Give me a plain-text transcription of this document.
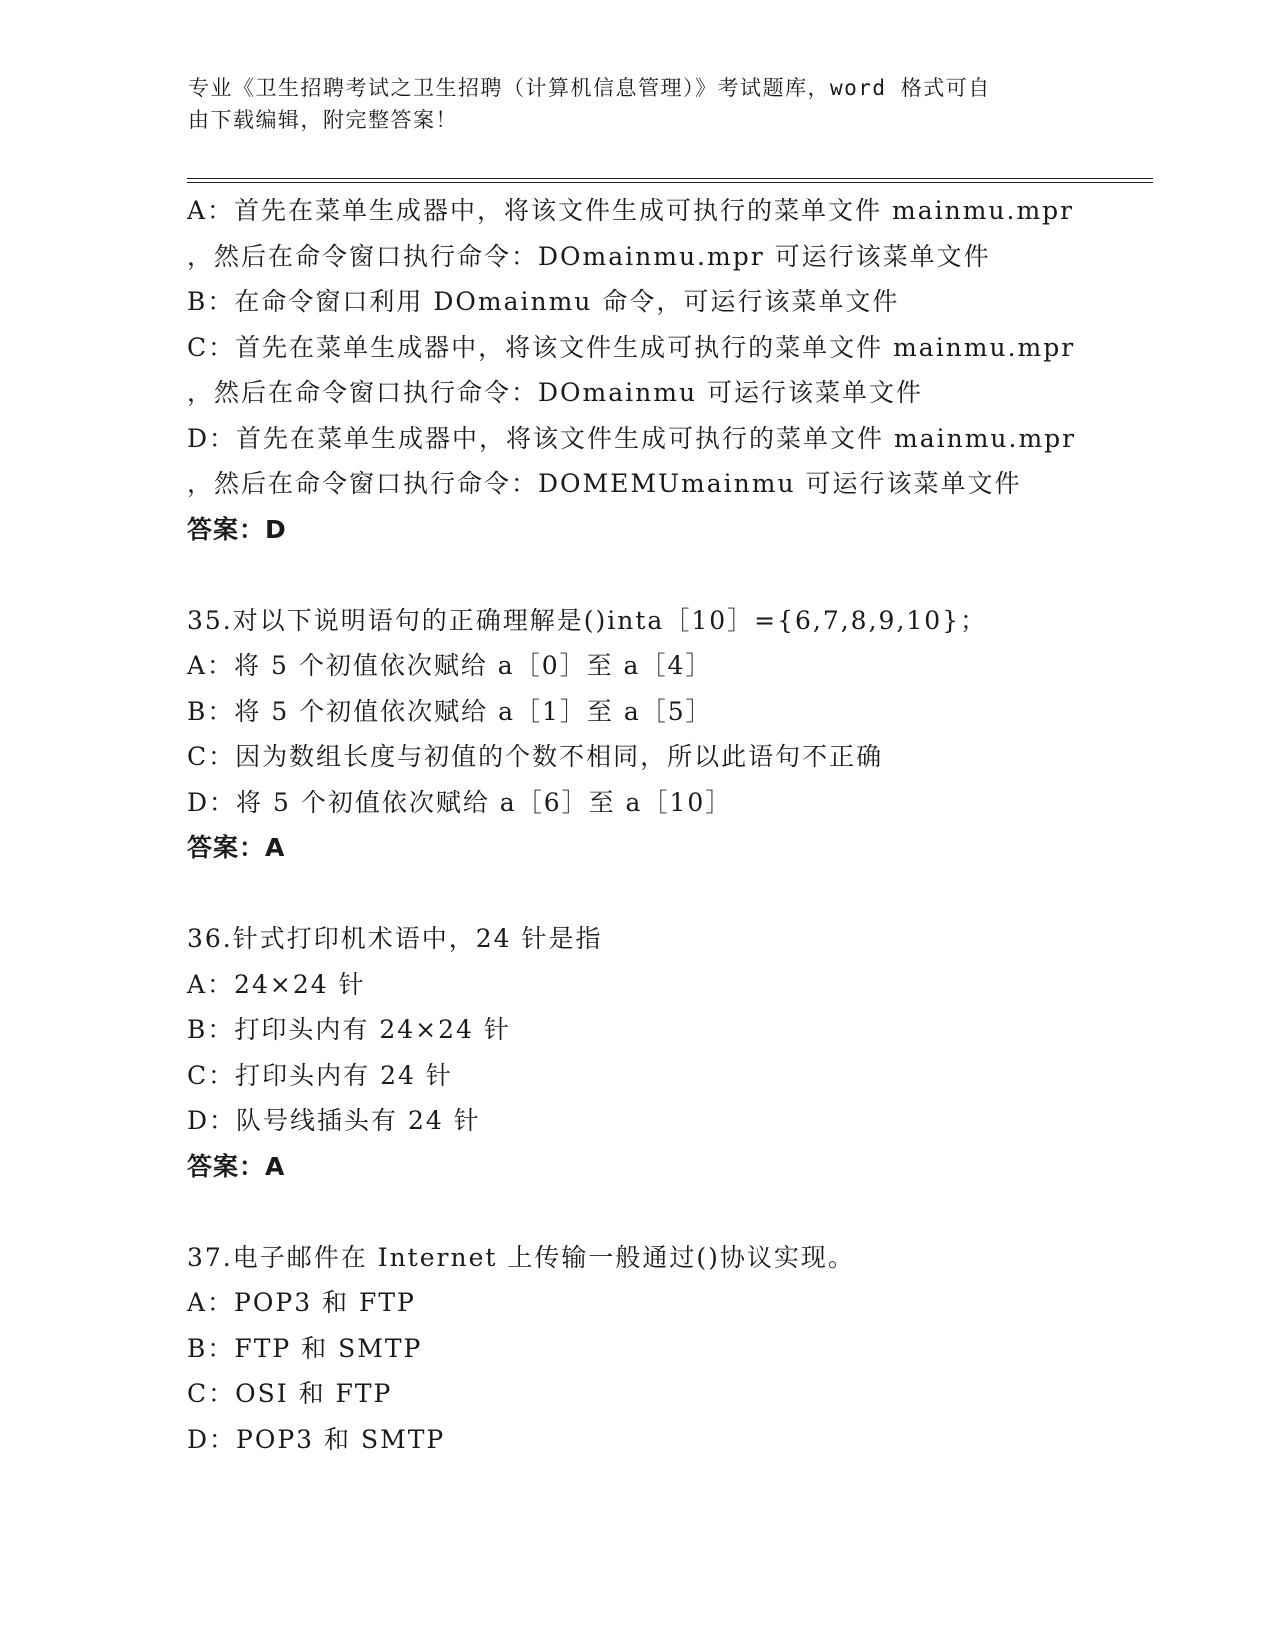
专业《卫生招聘考试之卫生招聘（计算机信息管理）》考试题库，word 格式可自
由下载编辑，附完整答案！
A：首先在菜单生成器中，将该文件生成可执行的菜单文件 mainmu.mpr
，然后在命令窗口执行命令：DOmainmu.mpr 可运行该菜单文件
B：在命令窗口利用 DOmainmu 命令，可运行该菜单文件
C：首先在菜单生成器中，将该文件生成可执行的菜单文件 mainmu.mpr
，然后在命令窗口执行命令：DOmainmu 可运行该菜单文件
D：首先在菜单生成器中，将该文件生成可执行的菜单文件 mainmu.mpr
，然后在命令窗口执行命令：DOMEMUmainmu 可运行该菜单文件
答案：D
35.对以下说明语句的正确理解是()inta［10］={6,7,8,9,10}；
A：将 5 个初值依次赋给 a［0］至 a［4］
B：将 5 个初值依次赋给 a［1］至 a［5］
C：因为数组长度与初值的个数不相同，所以此语句不正确
D：将 5 个初值依次赋给 a［6］至 a［10］
答案：A
36.针式打印机术语中，24 针是指
A：24×24 针
B：打印头内有 24×24 针
C：打印头内有 24 针
D：队号线插头有 24 针
答案：A
37.电子邮件在 Internet 上传输一般通过()协议实现。
A：POP3 和 FTP
B：FTP 和 SMTP
C：OSI 和 FTP
D：POP3 和 SMTP
